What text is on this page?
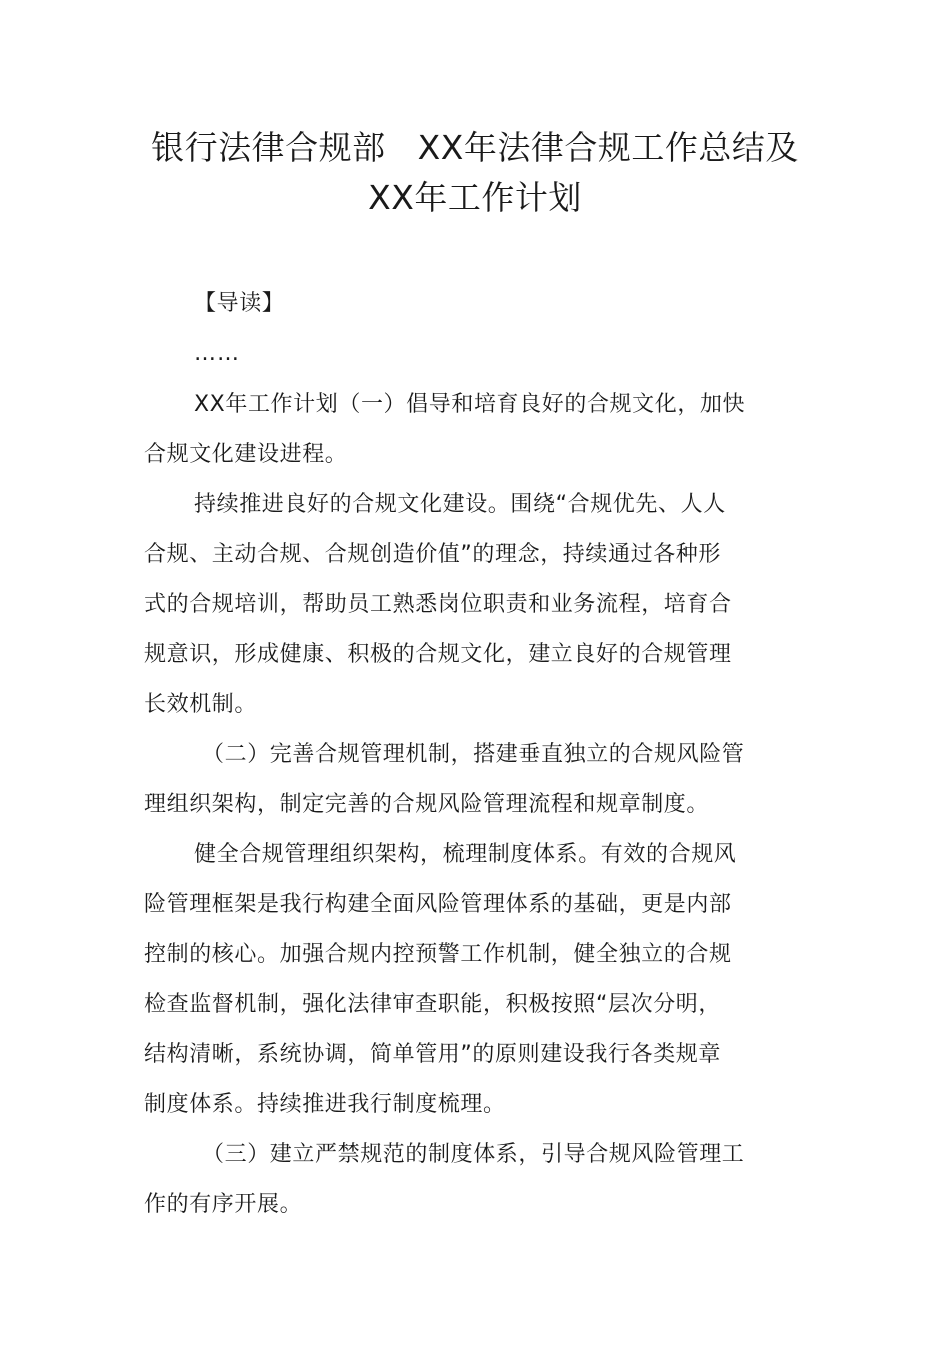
银行法律合规部 XX年法律合规工作总结及
XX年工作计划
【导读】
……
XX年工作计划（一）倡导和培育良好的合规文化，加快
合规文化建设进程。
持续推进良好的合规文化建设。围绕“合规优先、人人
合规、主动合规、合规创造价值”的理念，持续通过各种形
式的合规培训，帮助员工熟悉岗位职责和业务流程，培育合
规意识，形成健康、积极的合规文化，建立良好的合规管理
长效机制。
（二）完善合规管理机制，搭建垂直独立的合规风险管
理组织架构，制定完善的合规风险管理流程和规章制度。
健全合规管理组织架构，梳理制度体系。有效的合规风
险管理框架是我行构建全面风险管理体系的基础，更是内部
控制的核心。加强合规内控预警工作机制，健全独立的合规
检查监督机制，强化法律审查职能，积极按照“层次分明，
结构清晰，系统协调，简单管用”的原则建设我行各类规章
制度体系。持续推进我行制度梳理。
（三）建立严禁规范的制度体系，引导合规风险管理工
作的有序开展。
